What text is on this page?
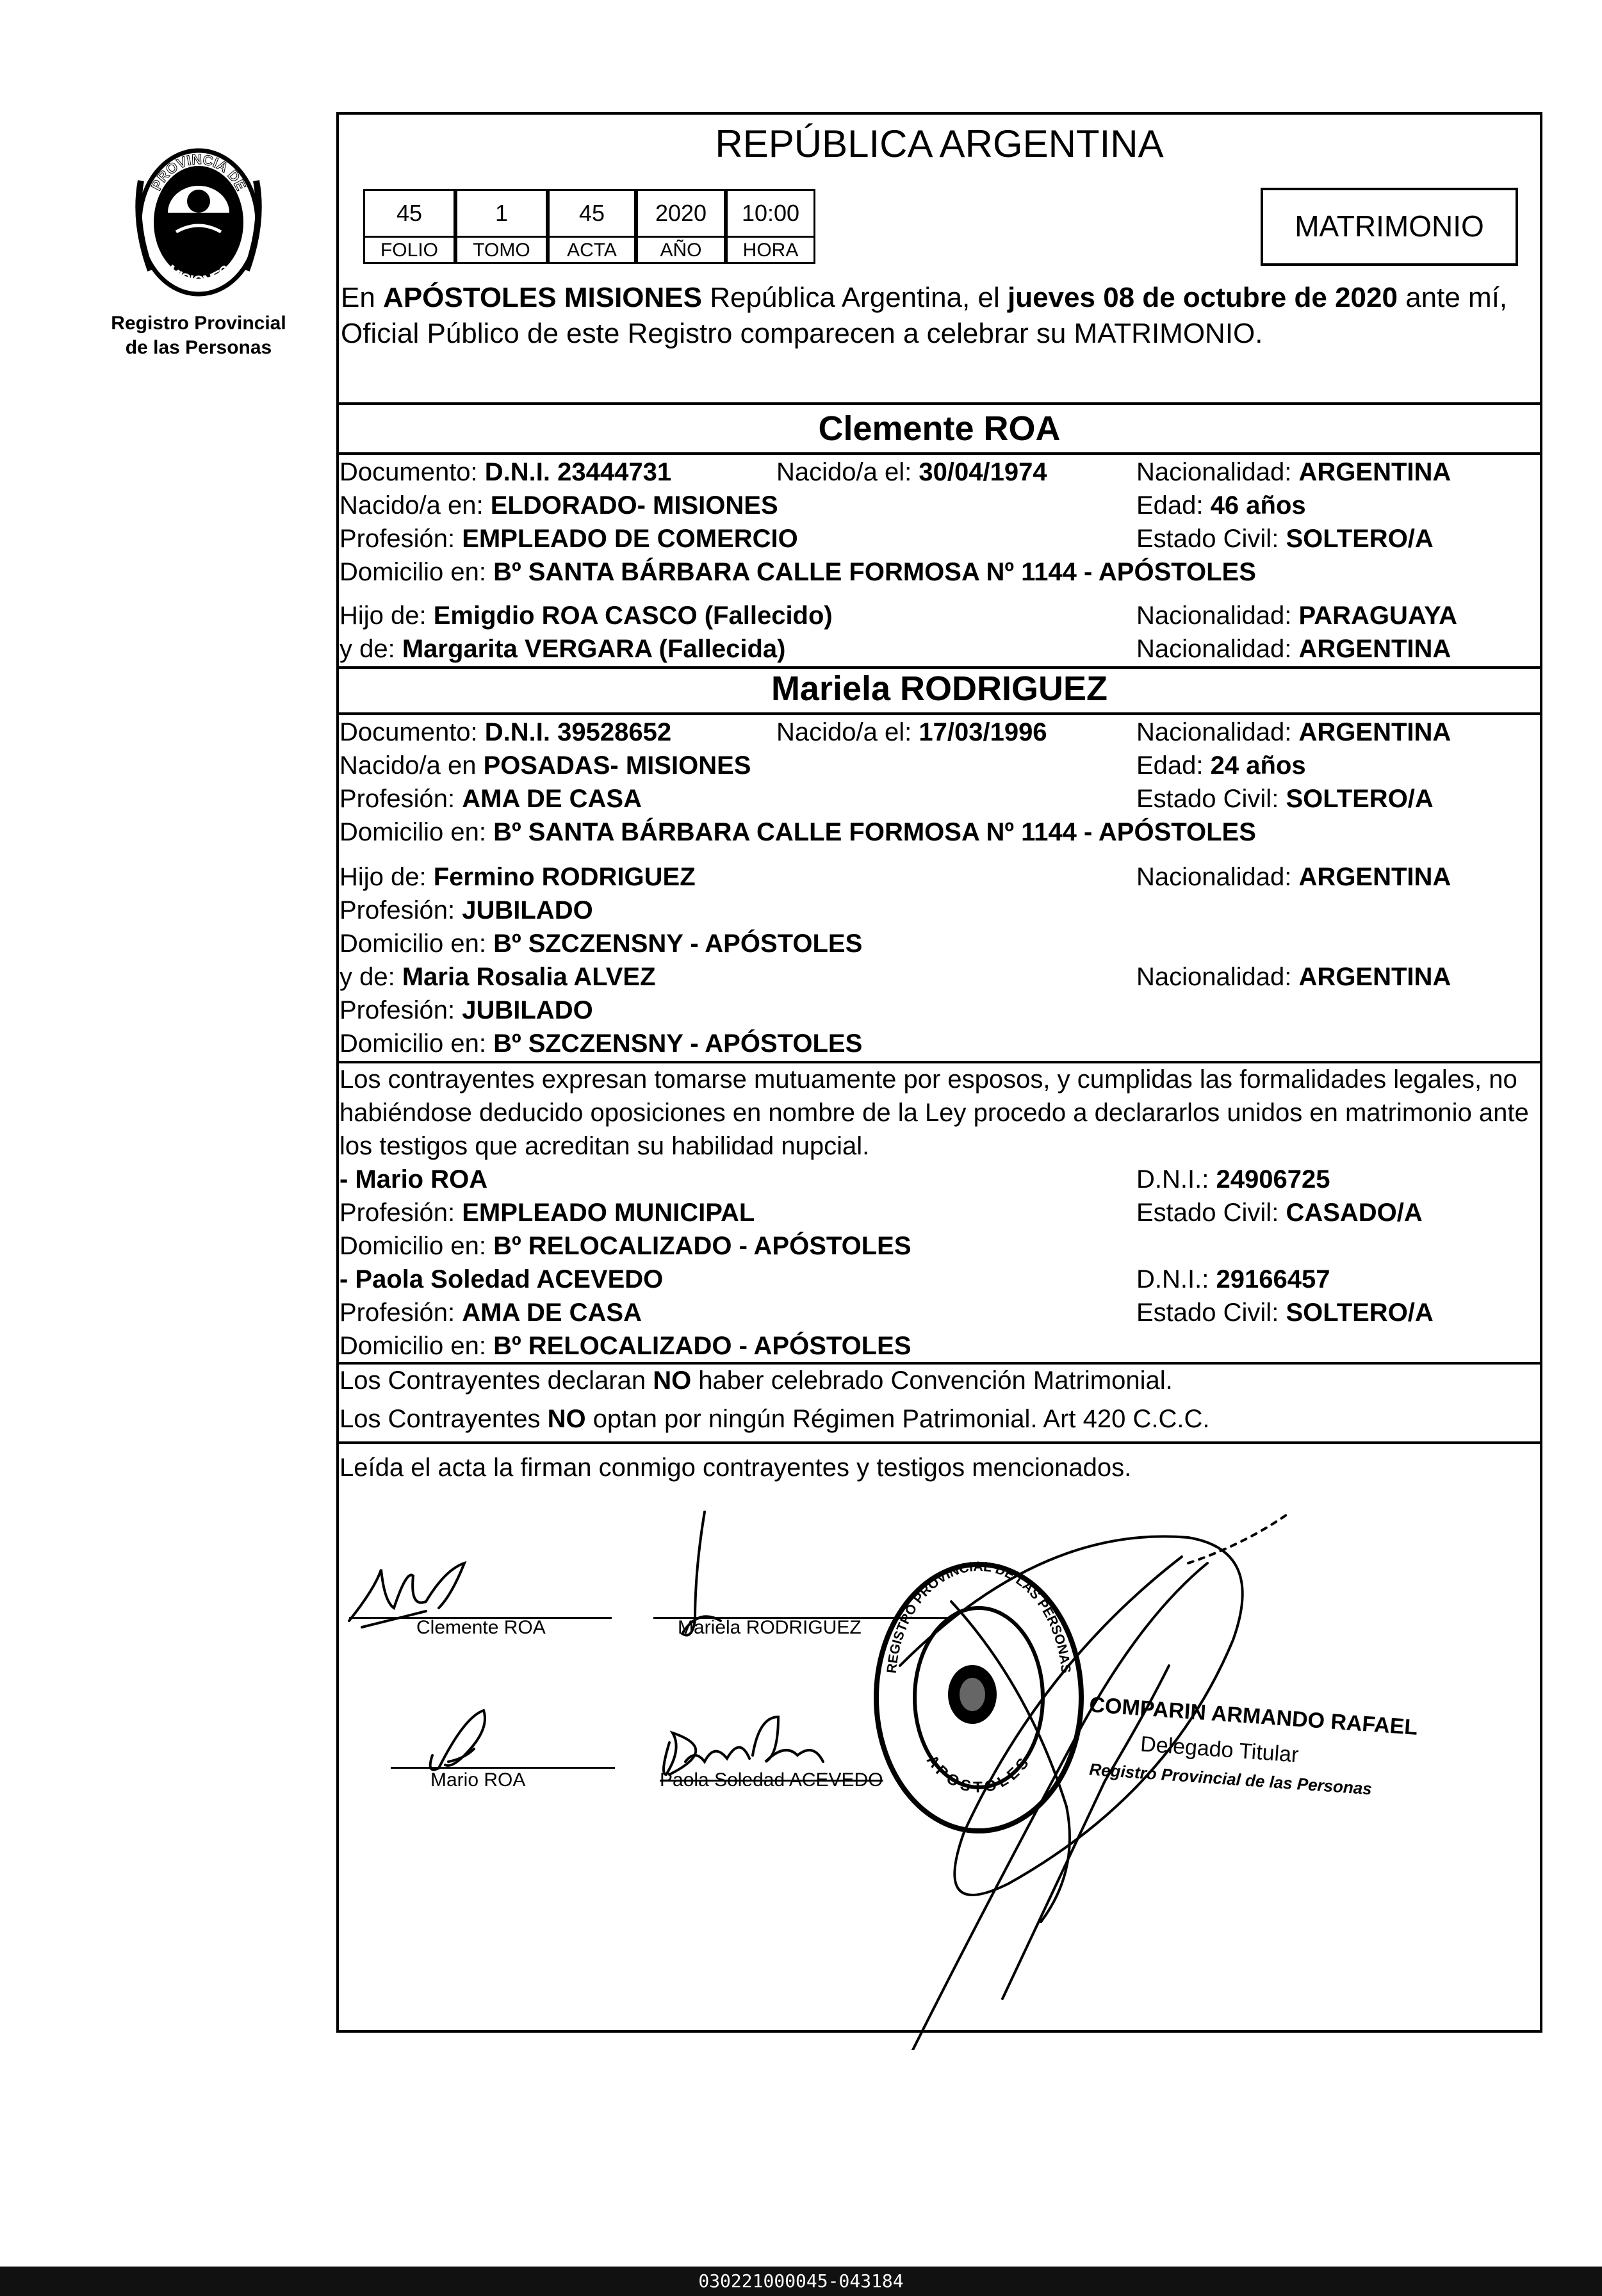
PROVINCIA DE
MISIONES
Registro Provincial
de las Personas
REPÚBLICA ARGENTINA
45	1	45	2020	10:00
FOLIO	TOMO	ACTA	AÑO	HORA
MATRIMONIO
En APÓSTOLES MISIONES República Argentina, el jueves 08 de octubre de 2020 ante mí,
Oficial Público de este Registro comparecen a celebrar su MATRIMONIO.
Clemente ROA
Documento: D.N.I. 23444731	Nacido/a el: 30/04/1974	Nacionalidad: ARGENTINA
Nacido/a en: ELDORADO- MISIONES	Edad: 46 años
Profesión: EMPLEADO DE COMERCIO	Estado Civil: SOLTERO/A
Domicilio en: Bº SANTA BÁRBARA CALLE FORMOSA Nº 1144 - APÓSTOLES
Hijo de: Emigdio ROA CASCO (Fallecido)	Nacionalidad: PARAGUAYA
y de: Margarita VERGARA (Fallecida)	Nacionalidad: ARGENTINA
Mariela RODRIGUEZ
Documento: D.N.I. 39528652	Nacido/a el: 17/03/1996	Nacionalidad: ARGENTINA
Nacido/a en POSADAS- MISIONES	Edad: 24 años
Profesión: AMA DE CASA	Estado Civil: SOLTERO/A
Domicilio en: Bº SANTA BÁRBARA CALLE FORMOSA Nº 1144 - APÓSTOLES
Hijo de: Fermino RODRIGUEZ	Nacionalidad: ARGENTINA
Profesión: JUBILADO
Domicilio en: Bº SZCZENSNY - APÓSTOLES
y de: Maria Rosalia ALVEZ	Nacionalidad: ARGENTINA
Profesión: JUBILADO
Domicilio en: Bº SZCZENSNY - APÓSTOLES
Los contrayentes expresan tomarse mutuamente por esposos, y cumplidas las formalidades legales, no
habiéndose deducido oposiciones en nombre de la Ley procedo a declararlos unidos en matrimonio ante
los testigos que acreditan su habilidad nupcial.
- Mario ROA	D.N.I.: 24906725
Profesión: EMPLEADO MUNICIPAL	Estado Civil: CASADO/A
Domicilio en: Bº RELOCALIZADO - APÓSTOLES
- Paola Soledad ACEVEDO	D.N.I.: 29166457
Profesión: AMA DE CASA	Estado Civil: SOLTERO/A
Domicilio en: Bº RELOCALIZADO - APÓSTOLES
Los Contrayentes declaran NO haber celebrado Convención Matrimonial.
Los Contrayentes NO optan por ningún Régimen Patrimonial. Art 420 C.C.C.
Leída el acta la firman conmigo contrayentes y testigos mencionados.
Clemente ROA	Mariela RODRIGUEZ
Mario ROA	Paola Soledad ACEVEDO
REGISTRO PROVINCIAL DE LAS PERSONAS
APOSTOLES
COMPARIN ARMANDO RAFAEL
Delegado Titular
Registro Provincial de las Personas
030221000045-043184
